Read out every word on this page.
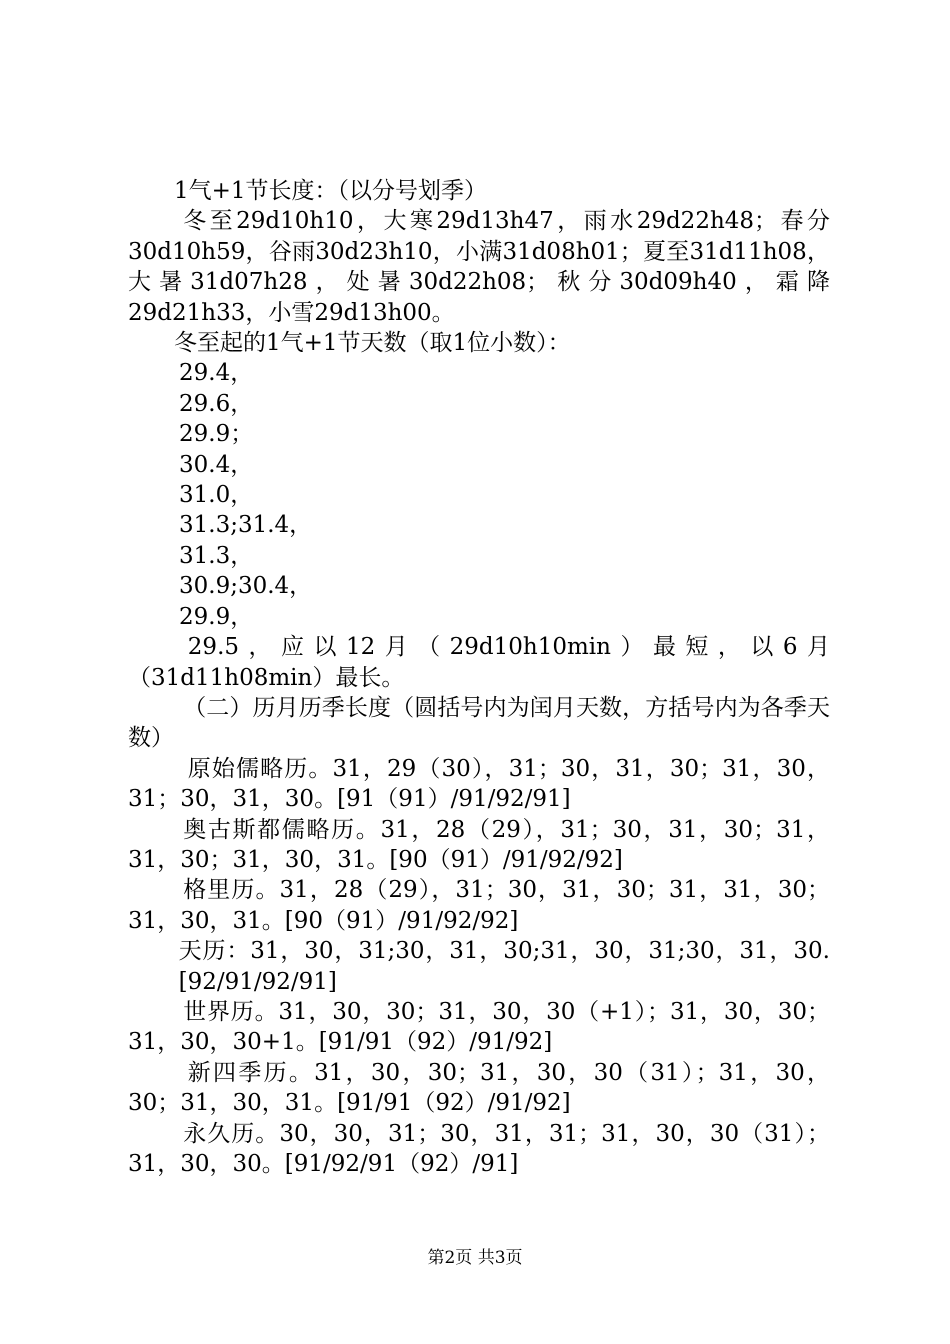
1气+1节长度：（以分号划季）

冬至29d10h10，大寒29d13h47，雨水29d22h48；春分30d10h59，谷雨30d23h10，小满31d08h01；夏至31d11h08，大暑31d07h28，处暑30d22h08；秋分30d09h40，霜降29d21h33，小雪29d13h00。

冬至起的1气+1节天数（取1位小数）：

29.4，
29.6，
29.9；
30.4，
31.0，
31.3;31.4，
31.3，
30.9;30.4，
29.9，

29.5，应以12月（29d10h10min）最短，以6月（31d11h08min）最长。

（二）历月历季长度（圆括号内为闰月天数，方括号内为各季天数）

原始儒略历。31，29（30），31；30，31，30；31，30，31；30，31，30。[91（91）/91/92/91]

奥古斯都儒略历。31，28（29），31；30，31，30；31，31，30；31，30，31。[90（91）/91/92/92]

格里历。31，28（29），31；30，31，30；31，31，30；31，30，31。[90（91）/91/92/92]

天历：31，30，31;30，31，30;31，30，31;30，31，30.[92/91/92/91]

世界历。31，30，30；31，30，30（+1）；31，30，30；31，30，30+1。[91/91（92）/91/92]

新四季历。31，30，30；31，30，30（31）；31，30，30；31，30，31。[91/91（92）/91/92]

永久历。30，30，31；30，31，31；31，30，30（31）；31，30，30。[91/92/91（92）/91]

第2页 共3页
